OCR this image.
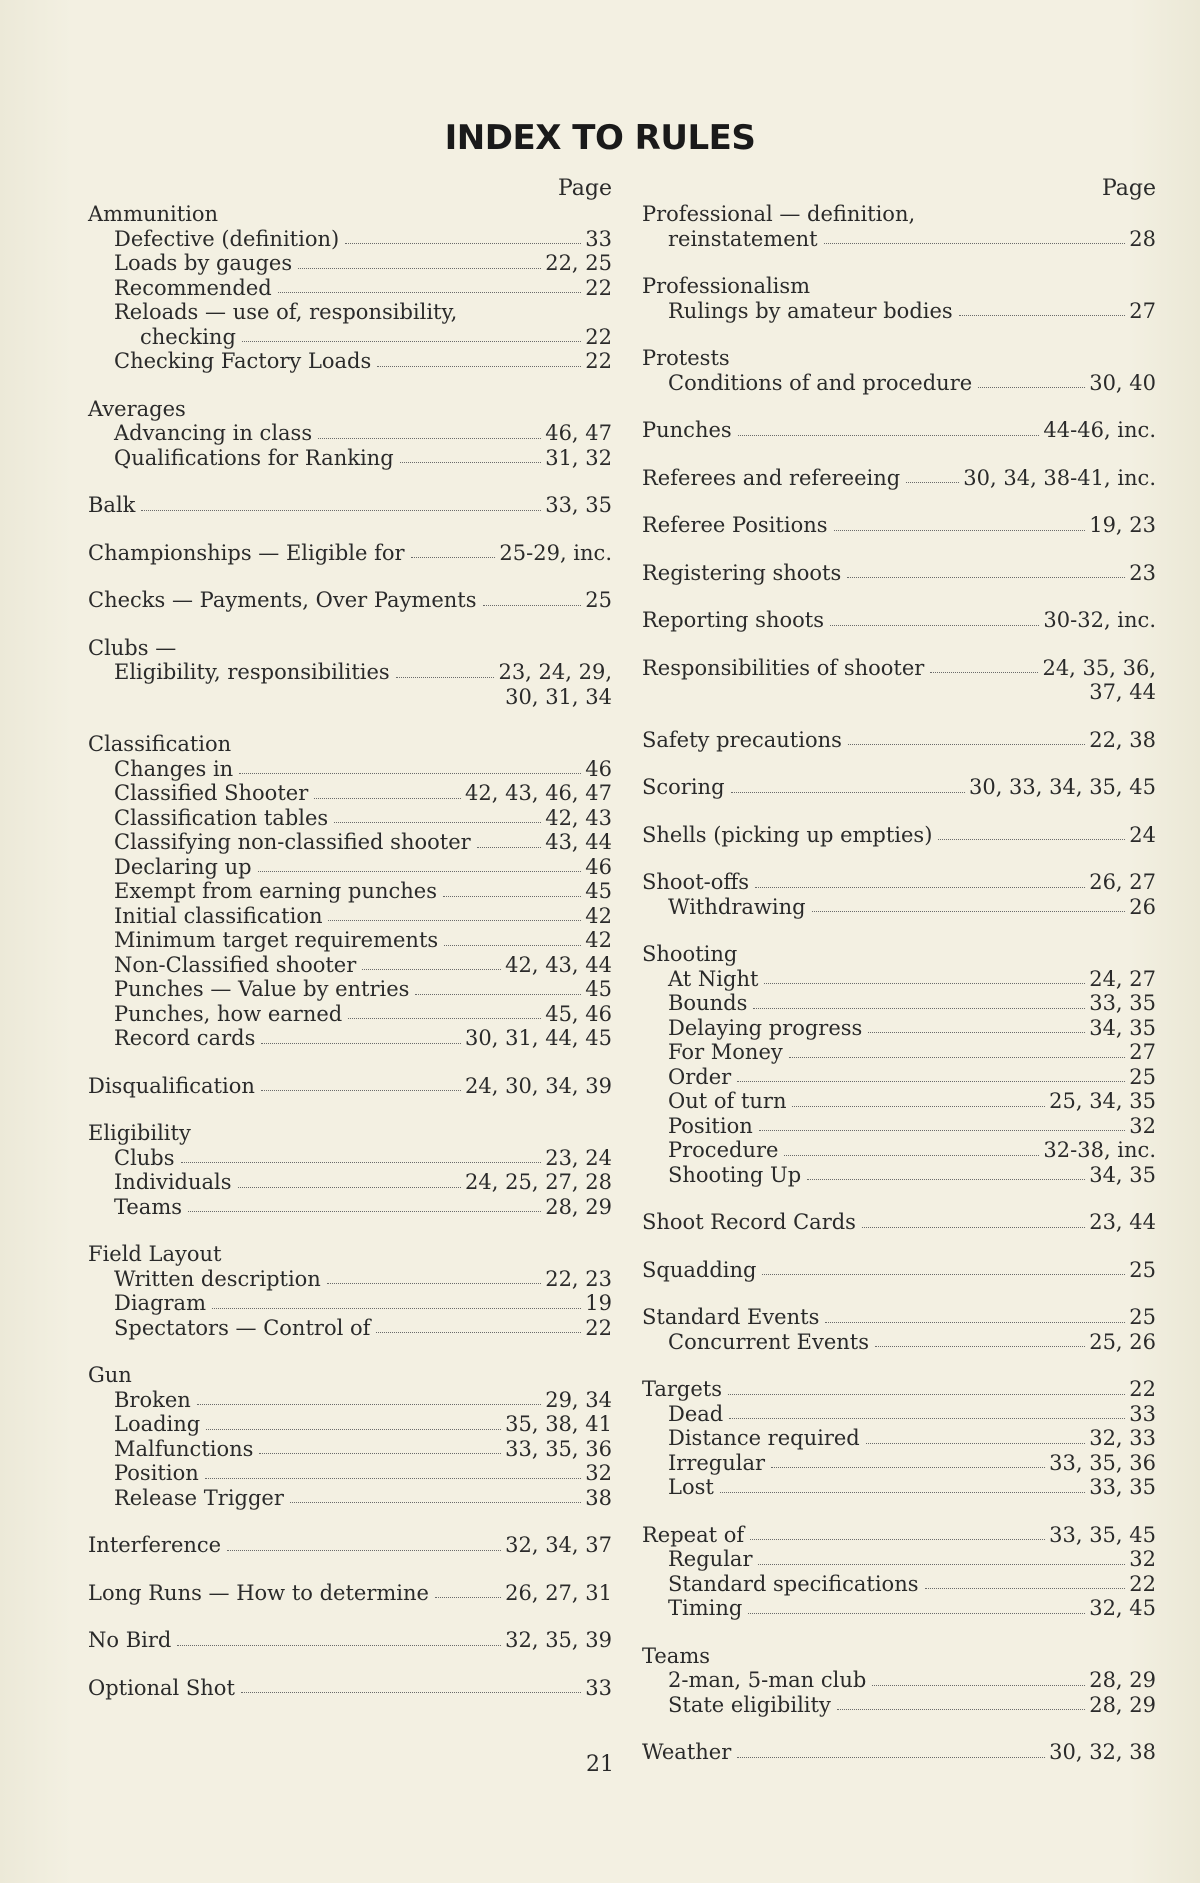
INDEX TO RULES
Page
Ammunition
Defective (definition)	33
Loads by gauges	22, 25
Recommended	22
Reloads — use of, responsibility,
checking	22
Checking Factory Loads	22
Averages
Advancing in class	46, 47
Qualifications for Ranking	31, 32
Balk	33, 35
Championships — Eligible for	25-29, inc.
Checks — Payments, Over Payments	25
Clubs —
Eligibility, responsibilities	23, 24, 29,
30, 31, 34
Classification
Changes in	46
Classified Shooter	42, 43, 46, 47
Classification tables	42, 43
Classifying non-classified shooter	43, 44
Declaring up	46
Exempt from earning punches	45
Initial classification	42
Minimum target requirements	42
Non-Classified shooter	42, 43, 44
Punches — Value by entries	45
Punches, how earned	45, 46
Record cards	30, 31, 44, 45
Disqualification	24, 30, 34, 39
Eligibility
Clubs	23, 24
Individuals	24, 25, 27, 28
Teams	28, 29
Field Layout
Written description	22, 23
Diagram	19
Spectators — Control of	22
Gun
Broken	29, 34
Loading	35, 38, 41
Malfunctions	33, 35, 36
Position	32
Release Trigger	38
Interference	32, 34, 37
Long Runs — How to determine	26, 27, 31
No Bird	32, 35, 39
Optional Shot	33
Page
Professional — definition,
reinstatement	28
Professionalism
Rulings by amateur bodies	27
Protests
Conditions of and procedure	30, 40
Punches	44-46, inc.
Referees and refereeing	30, 34, 38-41, inc.
Referee Positions	19, 23
Registering shoots	23
Reporting shoots	30-32, inc.
Responsibilities of shooter	24, 35, 36,
37, 44
Safety precautions	22, 38
Scoring	30, 33, 34, 35, 45
Shells (picking up empties)	24
Shoot-offs	26, 27
Withdrawing	26
Shooting
At Night	24, 27
Bounds	33, 35
Delaying progress	34, 35
For Money	27
Order	25
Out of turn	25, 34, 35
Position	32
Procedure	32-38, inc.
Shooting Up	34, 35
Shoot Record Cards	23, 44
Squadding	25
Standard Events	25
Concurrent Events	25, 26
Targets	22
Dead	33
Distance required	32, 33
Irregular	33, 35, 36
Lost	33, 35
Repeat of	33, 35, 45
Regular	32
Standard specifications	22
Timing	32, 45
Teams
2-man, 5-man club	28, 29
State eligibility	28, 29
Weather	30, 32, 38
21
